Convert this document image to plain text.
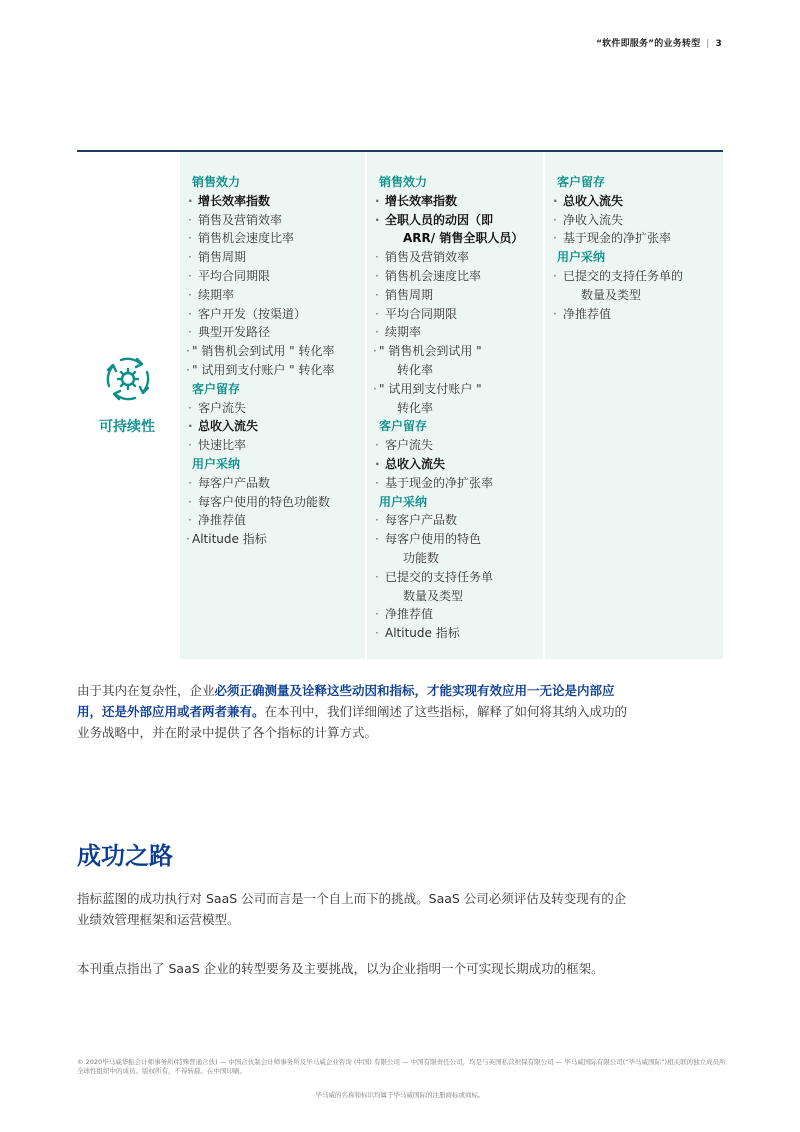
“软件即服务”的业务转型 | 3
可持续性
销售效力
· 增长效率指数
· 销售及营销效率
· 销售机会速度比率
· 销售周期
· 平均合同期限
· 续期率
· 客户开发（按渠道）
· 典型开发路径
· " 销售机会到试用 " 转化率
· " 试用到支付账户 " 转化率
客户留存
· 客户流失
· 总收入流失
· 快速比率
用户采纳
· 每客户产品数
· 每客户使用的特色功能数
· 净推荐值
· Altitude 指标
销售效力
· 增长效率指数
· 全职人员的动因（即
ARR/ 销售全职人员）
· 销售及营销效率
· 销售机会速度比率
· 销售周期
· 平均合同期限
· 续期率
· " 销售机会到试用 "
转化率
· " 试用到支付账户 "
转化率
客户留存
· 客户流失
· 总收入流失
· 基于现金的净扩张率
用户采纳
· 每客户产品数
· 每客户使用的特色
功能数
· 已提交的支持任务单
数量及类型
· 净推荐值
· Altitude 指标
客户留存
· 总收入流失
· 净收入流失
· 基于现金的净扩张率
用户采纳
· 已提交的支持任务单的
数量及类型
· 净推荐值
由于其内在复杂性，企业必须正确测量及诠释这些动因和指标，才能实现有效应用一无论是内部应用，还是外部应用或者两者兼有。在本刊中，我们详细阐述了这些指标，解释了如何将其纳入成功的业务战略中，并在附录中提供了各个指标的计算方式。
成功之路
指标蓝图的成功执行对 SaaS 公司而言是一个自上而下的挑战。SaaS 公司必须评估及转变现有的企业绩效管理框架和运营模型。
本刊重点指出了 SaaS 企业的转型要务及主要挑战，以为企业指明一个可实现长期成功的框架。
© 2020毕马威华振会计师事务所(特殊普通合伙) — 中国合伙制会计师事务所及毕马威企业咨询 (中国) 有限公司 — 中国有限责任公司，均是与英国私营担保有限公司 — 毕马威国际有限公司(“毕马威国际”)相关联的独立成员所全球性组织中的成员。版权所有，不得转载。在中国印刷。
毕马威的名称和标识均属于毕马威国际的注册商标或商标。
